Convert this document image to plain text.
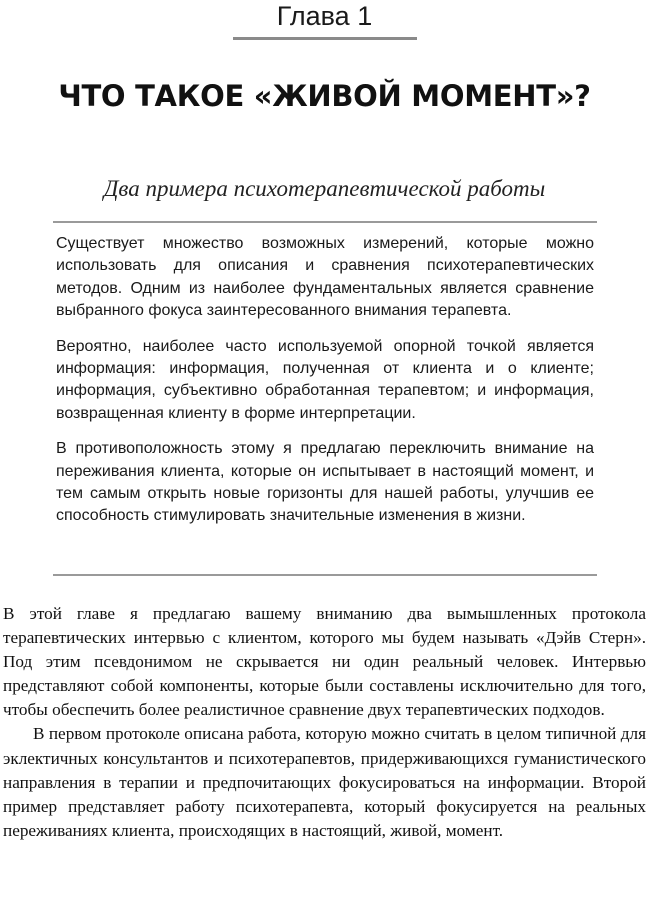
Глава 1
ЧТО ТАКОЕ «ЖИВОЙ МОМЕНТ»?
Два примера психотерапевтической работы

Существует множество возможных измерений, которые можно использовать для описания и сравнения психотерапевтических методов. Одним из наиболее фундаментальных является сравнение выбранного фокуса заинтересованного внимания терапевта.

Вероятно, наиболее часто используемой опорной точкой является информация: информация, полученная от клиента и о клиенте; информация, субъективно обработанная терапевтом; и информация, возвращенная клиенту в форме интерпретации.

В противоположность этому я предлагаю переключить внимание на переживания клиента, которые он испытывает в настоящий момент, и тем самым открыть новые горизонты для нашей работы, улучшив ее способность стимулировать значительные изменения в жизни.

В этой главе я предлагаю вашему вниманию два вымышленных протокола терапевтических интервью с клиентом, которого мы будем называть «Дэйв Стерн». Под этим псевдонимом не скрывается ни один реальный человек. Интервью представляют собой компоненты, которые были составлены исключительно для того, чтобы обеспечить более реалистичное сравнение двух терапевтических подходов.

В первом протоколе описана работа, которую можно считать в целом типичной для эклектичных консультантов и психотерапевтов, придерживающихся гуманистического направления в терапии и предпочитающих фокусироваться на информации. Второй пример представляет работу психотерапевта, который фокусируется на реальных переживаниях клиента, происходящих в настоящий, живой, момент.
